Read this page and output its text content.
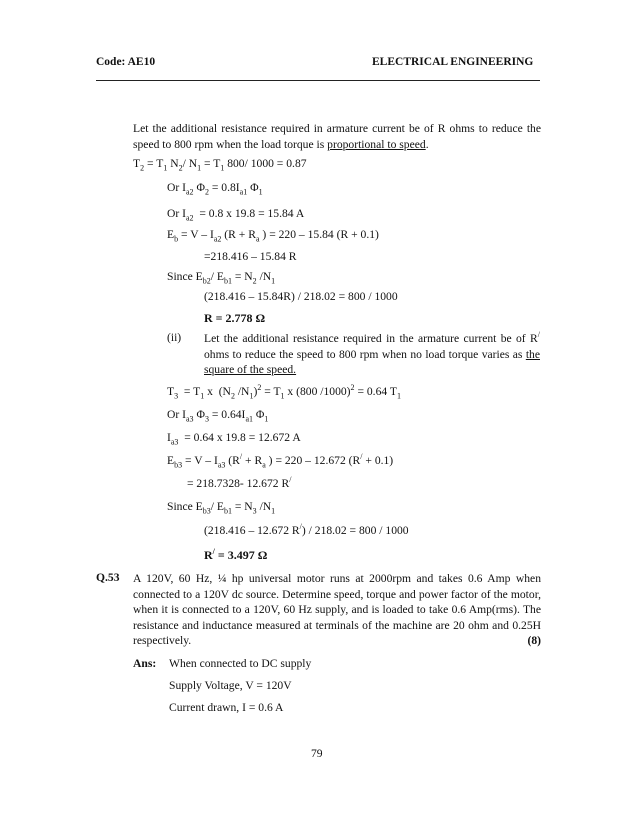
Code: AE10	ELECTRICAL ENGINEERING
Let the additional resistance required in armature current be of R ohms to reduce the speed to 800 rpm when the load torque is proportional to speed.
$T_2 = T_1$ $N_2/$ $N_1 = T_1$ 800/ 1000 = 0.87
Or $I_{a2}$ $\Phi_2 = 0.8I_{a1}$ $\Phi_1$
Or $I_{a2} = 0.8$ x 19.8 = 15.84 A
$E_b = V - I_{a2}$ ($R + R_a$ ) = 220 – 15.84 (R + 0.1)
=218.416 – 15.84 R
Since $E_{b2}/$ $E_{b1} = N_2$ $/N_1$
(218.416 – 15.84R) / 218.02 = 800 / 1000
R = 2.778 Ω
(ii) Let the additional resistance required in the armature current be of R/ ohms to reduce the speed to 800 rpm when no load torque varies as the square of the speed.
$T_3 = T_1$ x  ($N_2$ $/N_1)^2 = T_1$ x (800 /1000)$^2$ = 0.64 $T_1$
Or $I_{a3}$ $\Phi_3 = 0.64I_{a1}$ $\Phi_1$
$I_{a3} = 0.64$ x 19.8 = 12.672 A
$E_{b3} = V - I_{a3}$ ($R^/ + R_a$ ) = 220 – 12.672 (R/ + 0.1)
= 218.7328- 12.672 R/
Since $E_{b3}/$ $E_{b1} = N_3$ $/N_1$
(218.416 – 12.672 R/) / 218.02 = 800 / 1000
R/ = 3.497 Ω
Q.53 A 120V, 60 Hz, ¼ hp universal motor runs at 2000rpm and takes 0.6 Amp when connected to a 120V dc source. Determine speed, torque and power factor of the motor, when it is connected to a 120V, 60 Hz supply, and is loaded to take 0.6 Amp(rms). The resistance and inductance measured at terminals of the machine are 20 ohm and 0.25H respectively.	(8)
Ans: When connected to DC supply
Supply Voltage, V = 120V
Current drawn, I = 0.6 A
79
